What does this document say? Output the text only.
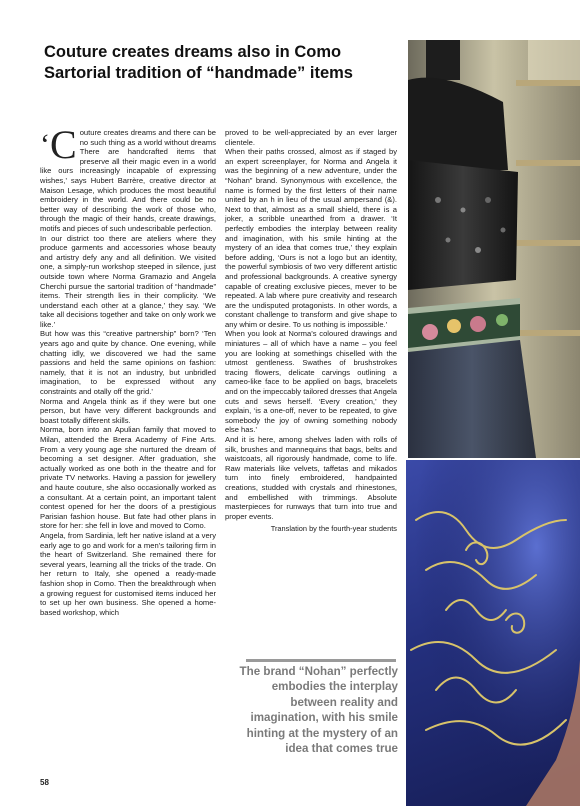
Couture creates dreams also in Como
Sartorial tradition of “handmade” items

‘C outure creates dreams and there can be no such thing as a world without dreams There are handcrafted items that preserve all their magic even in a world like ours increasingly incapable of expressing wishes,’ says Hubert Barrère, creative director at Maison Lesage, which produces the most beautiful embroidery in the world. And there could be no better way of describing the work of those who, through the magic of their hands, create drawings, motifs and pieces of such undescribable perfection.

In our district too there are ateliers where they produce garments and accessories whose beauty and artistry defy any and all definition. We visited one, a simply-run workshop steeped in silence, just outside town where Norma Gramazio and Angela Cherchi pursue the sartorial tradition of “handmade” items. Their strength lies in their complicity. ‘We understand each other at a glance,’ they say. ‘We take all decisions together and take on only work we like.’

But how was this “creative partnership” born? ‘Ten years ago and quite by chance. One evening, while chatting idly, we discovered we had the same passions and held the same opinions on fashion: namely, that it is not an industry, but unbridled imagination, to be expressed without any constraints and otally off the grid.’

Norma and Angela think as if they were but one person, but have very different backgrounds and boast totally different skills.

Norma, born into an Apulian family that moved to Milan, attended the Brera Academy of Fine Arts. From a very young age she nurtured the dream of becoming a set designer. After graduation, she actually worked as one both in the theatre and for private TV networks. Having a passion for jewellery and haute couture, she also occasionally worked as a consultant. At a certain point, an important talent contest opened for her the doors of a prestigious Parisian fashion house. But fate had other plans in store for her: she fell in love and moved to Como.

Angela, from Sardinia, left her native island at a very early age to go and work for a men’s tailoring firm in the heart of Switzerland. She remained there for several years, learning all the tricks of the trade. On her return to Italy, she opened a ready-made fashion shop in Como. Then the breakthrough when a growing reguest for customised items induced her to set up her own business. She opened a home-based workshop, which

proved to be well-appreciated by an ever larger clientele.

When their paths crossed, almost as if staged by an expert screenplayer, for Norma and Angela it was the beginning of a new adventure, under the “Nohan” brand. Synonymous with excellence, the name is formed by the first letters of their name united by an h in lieu of the usual ampersand (&). Next to that, almost as a small shield, there is a joker, a scribble unearthed from a drawer. ‘It perfectly embodies the interplay between reality and imagination, with his smile hinting at the mystery of an idea that comes true,’ they explain before adding, ‘Ours is not a logo but an identity, the powerful symbiosis of two very different artistic and professional backgrounds. A creative synergy capable of creating exclusive pieces, mever to be repeated. A lab where pure creativity and research are the undisputed protagonists. In other words, a constant challenge to transform and give shape to any whim or desire. To us nothing is impossible.’

When you look at Norma’s coloured drawings and miniatures – all of which have a name – you feel you are looking at somethings chiselled with the utmost gentleness. Swathes of brushstrokes tracing flowers, delicate carvings outlining a cameo-like face to be applied on bags, bracelets and on the impeccably tailored dresses that Angela cuts and sews herself. ‘Every creation,’ they explain, ‘is a one-off, never to be repeated, to give somebody the joy of owning something nobody else has.’

And it is here, among shelves laden with rolls of silk, brushes and mannequins that bags, belts and waistcoats, all rigorously handmade, come to life. Raw materials like velvets, taffetas and mikados turn into finely embroidered, handpainted creations, studded with crystals and rhinestones, and embellished with trimmings. Absolute masterpieces for runways that turn into true and proper events.

Translation by the fourth-year students

The brand “Nohan” perfectly embodies the interplay between reality and imagination, with his smile hinting at the mystery of an idea that comes true
58
